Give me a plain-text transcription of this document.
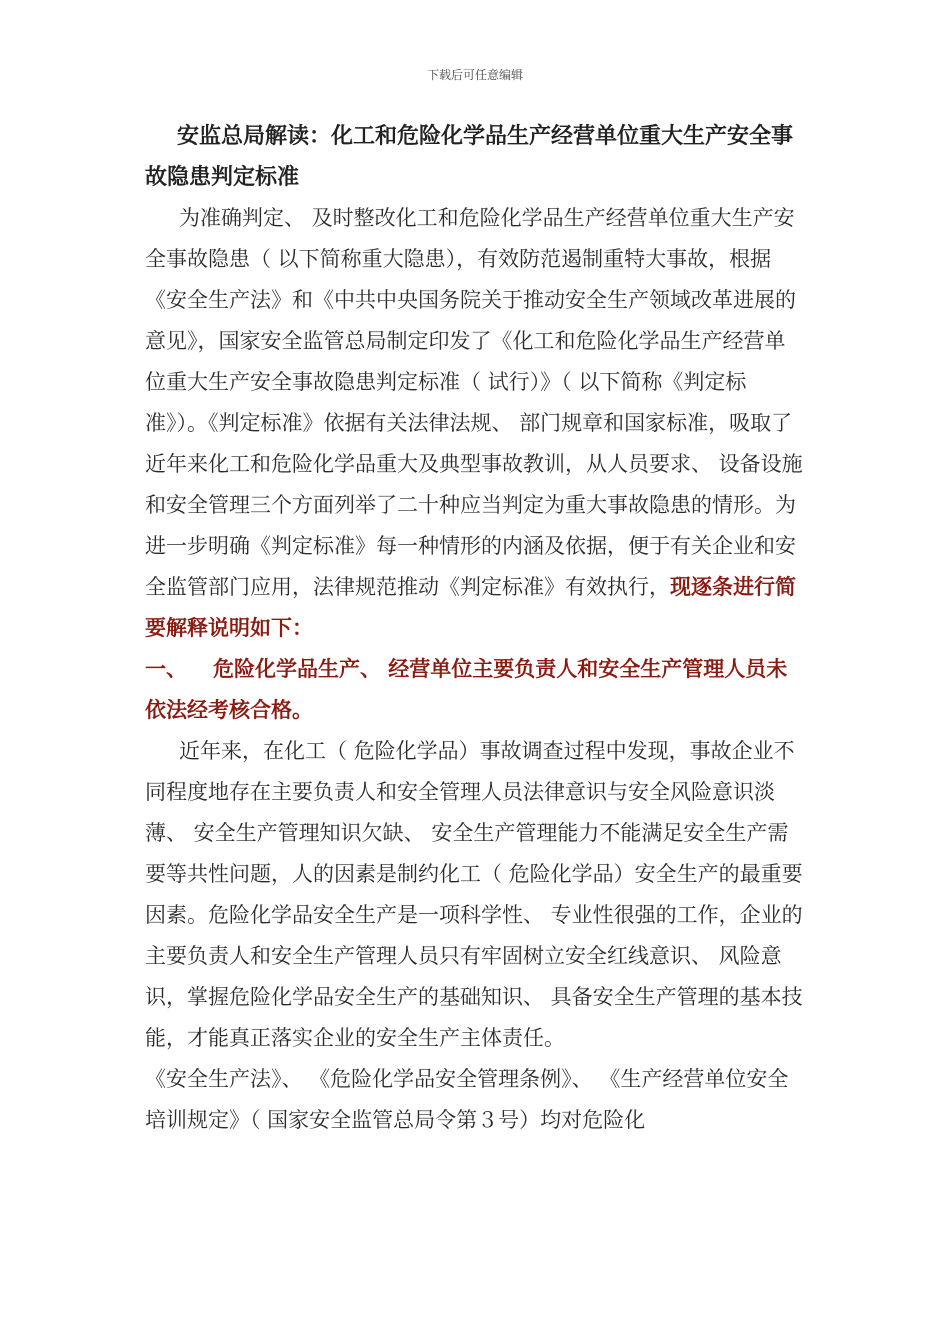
下载后可任意编辑

安监总局解读：化工和危险化学品生产经营单位重大生产安全事故隐患判定标准

为准确判定、 及时整改化工和危险化学品生产经营单位重大生产安全事故隐患（ 以下简称重大隐患），有效防范遏制重特大事故，根据《安全生产法》和《中共中央国务院关于推动安全生产领域改革进展的意见》，国家安全监管总局制定印发了《化工和危险化学品生产经营单位重大生产安全事故隐患判定标准（ 试行）》（ 以下简称《判定标准》）。《判定标准》依据有关法律法规、 部门规章和国家标准，吸取了近年来化工和危险化学品重大及典型事故教训，从人员要求、 设备设施和安全管理三个方面列举了二十种应当判定为重大事故隐患的情形。为进一步明确《判定标准》每一种情形的内涵及依据，便于有关企业和安全监管部门应用，法律规范推动《判定标准》有效执行，现逐条进行简要解释说明如下：

一、 危险化学品生产、 经营单位主要负责人和安全生产管理人员未依法经考核合格。

近年来，在化工（ 危险化学品）事故调查过程中发现，事故企业不同程度地存在主要负责人和安全管理人员法律意识与安全风险意识淡薄、 安全生产管理知识欠缺、 安全生产管理能力不能满足安全生产需要等共性问题，人的因素是制约化工（ 危险化学品）安全生产的最重要因素。危险化学品安全生产是一项科学性、 专业性很强的工作，企业的主要负责人和安全生产管理人员只有牢固树立安全红线意识、 风险意识，掌握危险化学品安全生产的基础知识、 具备安全生产管理的基本技能，才能真正落实企业的安全生产主体责任。

《安全生产法》、 《危险化学品安全管理条例》、 《生产经营单位安全培训规定》（ 国家安全监管总局令第３号）均对危险化
